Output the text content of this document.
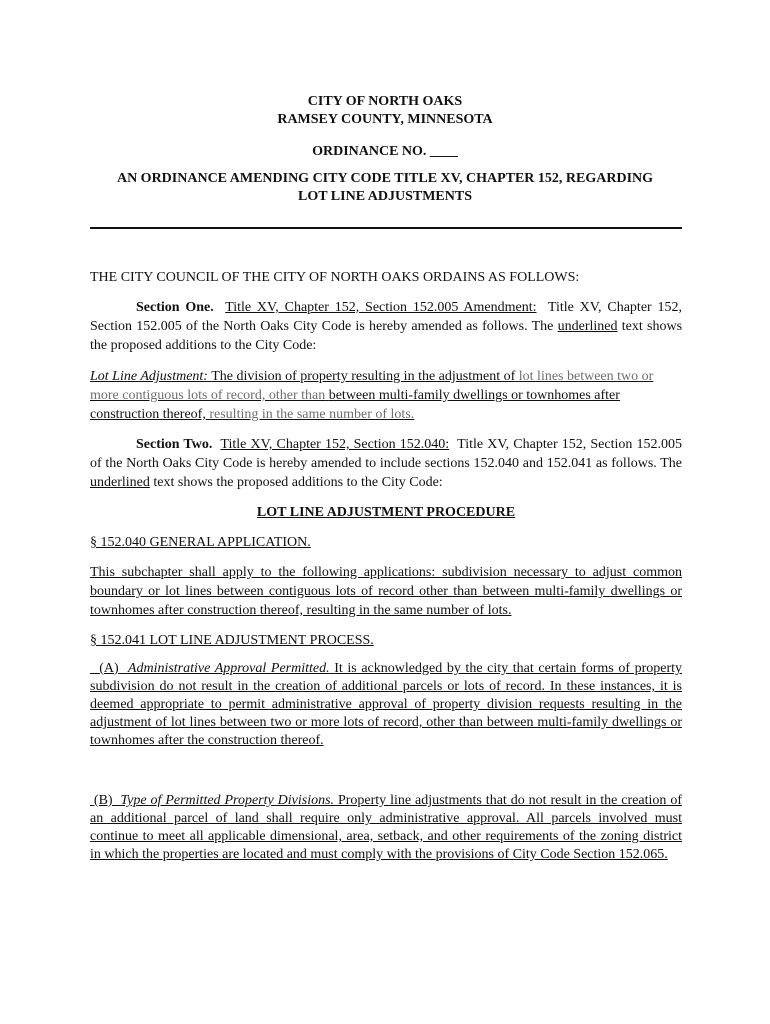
CITY OF NORTH OAKS
RAMSEY COUNTY, MINNESOTA
ORDINANCE NO. ____
AN ORDINANCE AMENDING CITY CODE TITLE XV, CHAPTER 152, REGARDING
LOT LINE ADJUSTMENTS
THE CITY COUNCIL OF THE CITY OF NORTH OAKS ORDAINS AS FOLLOWS:
Section One. Title XV, Chapter 152, Section 152.005 Amendment: Title XV, Chapter 152, Section 152.005 of the North Oaks City Code is hereby amended as follows. The underlined text shows the proposed additions to the City Code:
Lot Line Adjustment: The division of property resulting in the adjustment of lot lines between two or more contiguous lots of record, other than between multi-family dwellings or townhomes after construction thereof, resulting in the same number of lots.
Section Two. Title XV, Chapter 152, Section 152.040: Title XV, Chapter 152, Section 152.005 of the North Oaks City Code is hereby amended to include sections 152.040 and 152.041 as follows. The underlined text shows the proposed additions to the City Code:
LOT LINE ADJUSTMENT PROCEDURE
§ 152.040 GENERAL APPLICATION.
This subchapter shall apply to the following applications: subdivision necessary to adjust common boundary or lot lines between contiguous lots of record other than between multi-family dwellings or townhomes after construction thereof, resulting in the same number of lots.
§ 152.041 LOT LINE ADJUSTMENT PROCESS.
(A) Administrative Approval Permitted. It is acknowledged by the city that certain forms of property subdivision do not result in the creation of additional parcels or lots of record. In these instances, it is deemed appropriate to permit administrative approval of property division requests resulting in the adjustment of lot lines between two or more lots of record, other than between multi-family dwellings or townhomes after the construction thereof.
(B) Type of Permitted Property Divisions. Property line adjustments that do not result in the creation of an additional parcel of land shall require only administrative approval. All parcels involved must continue to meet all applicable dimensional, area, setback, and other requirements of the zoning district in which the properties are located and must comply with the provisions of City Code Section 152.065.
